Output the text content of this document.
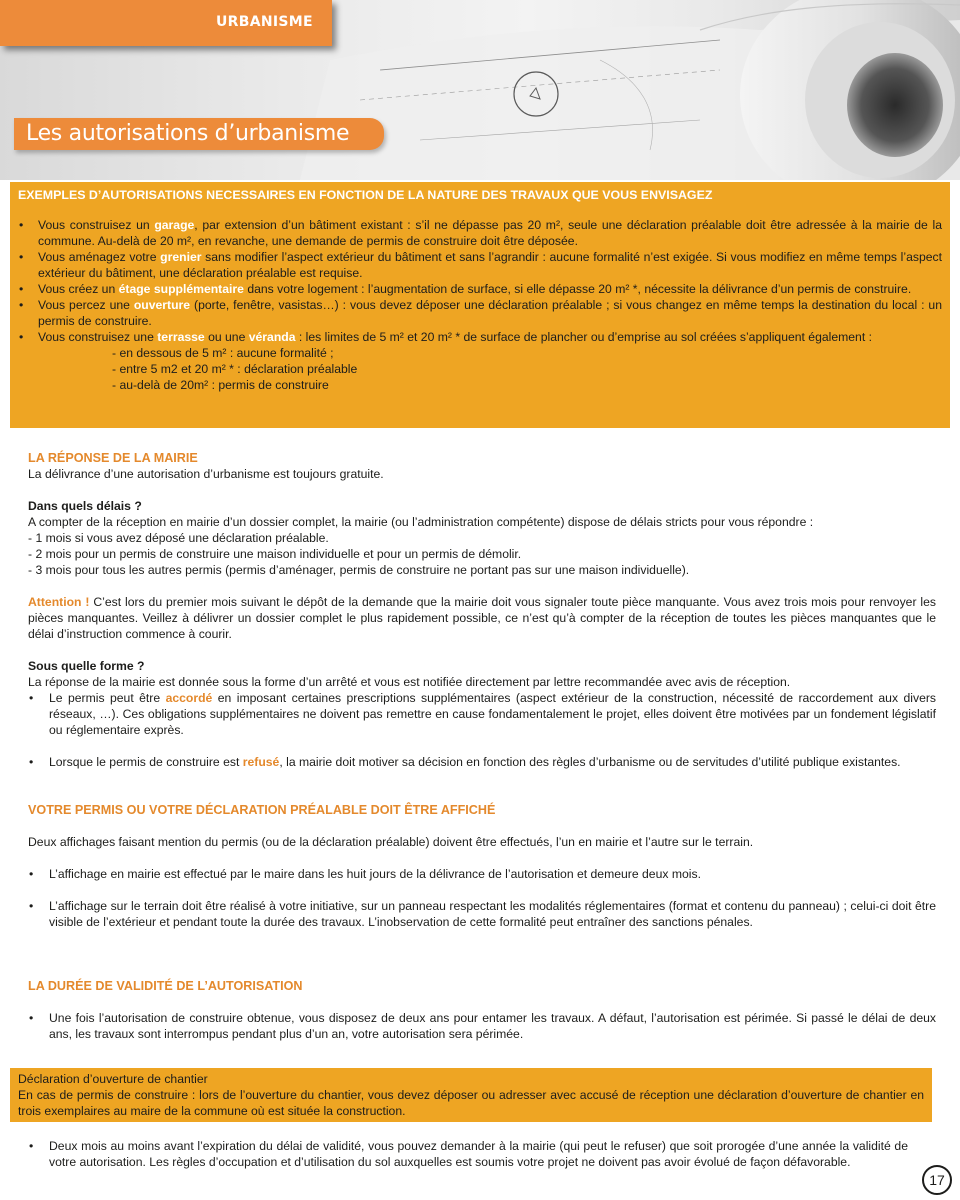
URBANISME
Les autorisations d’urbanisme
EXEMPLES D’AUTORISATIONS NECESSAIRES EN FONCTION DE LA NATURE DES TRAVAUX QUE VOUS ENVISAGEZ
• Vous construisez un garage, par extension d’un bâtiment existant : s’il ne dépasse pas 20 m², seule une déclaration préalable doit être adressée à la mairie de la commune. Au-delà de 20 m², en revanche, une demande de permis de construire doit être déposée.
• Vous aménagez votre grenier sans modifier l’aspect extérieur du bâtiment et sans l’agrandir : aucune formalité n’est exigée. Si vous modifiez en même temps l’aspect extérieur du bâtiment, une déclaration préalable est requise.
• Vous créez un étage supplémentaire dans votre logement : l’augmentation de surface, si elle dépasse 20 m² *, nécessite la délivrance d’un permis de construire.
• Vous percez une ouverture (porte, fenêtre, vasistas…) : vous devez déposer une déclaration préalable ; si vous changez en même temps la destination du local : un permis de construire.
• Vous construisez une terrasse ou une véranda : les limites de 5 m² et 20 m² * de surface de plancher ou d’emprise au sol créées s’appliquent également :
- en dessous de 5 m² : aucune formalité ;
- entre 5 m2 et 20 m² * : déclaration préalable
- au-delà de 20m² : permis de construire
LA RÉPONSE DE LA MAIRIE
La délivrance d’une autorisation d’urbanisme est toujours gratuite.
Dans quels délais ?
A compter de la réception en mairie d’un dossier complet, la mairie (ou l’administration compétente) dispose de délais stricts pour vous répondre :
- 1 mois si vous avez déposé une déclaration préalable.
- 2 mois pour un permis de construire une maison individuelle et pour un permis de démolir.
- 3 mois pour tous les autres permis (permis d’aménager, permis de construire ne portant pas sur une maison individuelle).

Attention ! C’est lors du premier mois suivant le dépôt de la demande que la mairie doit vous signaler toute pièce manquante. Vous avez trois mois pour renvoyer les pièces manquantes. Veillez à délivrer un dossier complet le plus rapidement possible, ce n’est qu’à compter de la réception de toutes les pièces manquantes que le délai d’instruction commence à courir.

Sous quelle forme ?
La réponse de la mairie est donnée sous la forme d’un arrêté et vous est notifiée directement par lettre recommandée avec avis de réception.
• Le permis peut être accordé en imposant certaines prescriptions supplémentaires (aspect extérieur de la construction, nécessité de raccordement aux divers réseaux, …). Ces obligations supplémentaires ne doivent pas remettre en cause fondamentalement le projet, elles doivent être motivées par un fondement législatif ou réglementaire exprès.
• Lorsque le permis de construire est refusé, la mairie doit motiver sa décision en fonction des règles d’urbanisme ou de servitudes d’utilité publique existantes.
VOTRE PERMIS OU VOTRE DÉCLARATION PRÉALABLE DOIT ÊTRE AFFICHÉ
Deux affichages faisant mention du permis (ou de la déclaration préalable) doivent être effectués, l’un en mairie et l’autre sur le terrain.
• L’affichage en mairie est effectué par le maire dans les huit jours de la délivrance de l’autorisation et demeure deux mois.
• L’affichage sur le terrain doit être réalisé à votre initiative, sur un panneau respectant les modalités réglementaires (format et contenu du panneau) ; celui-ci doit être visible de l’extérieur et pendant toute la durée des travaux. L’inobservation de cette formalité peut entraîner des sanctions pénales.
LA DURÉE DE VALIDITÉ DE L’AUTORISATION
• Une fois l’autorisation de construire obtenue, vous disposez de deux ans pour entamer les travaux. A défaut, l’autorisation est périmée. Si passé le délai de deux ans, les travaux sont interrompus pendant plus d’un an, votre autorisation sera périmée.
Déclaration d’ouverture de chantier
En cas de permis de construire : lors de l’ouverture du chantier, vous devez déposer ou adresser avec accusé de réception une déclaration d’ouverture de chantier en trois exemplaires au maire de la commune où est située la construction.
• Deux mois au moins avant l’expiration du délai de validité, vous pouvez demander à la mairie (qui peut le refuser) que soit prorogée d’une année la validité de votre autorisation. Les règles d’occupation et d’utilisation du sol auxquelles est soumis votre projet ne doivent pas avoir évolué de façon défavorable.
17
